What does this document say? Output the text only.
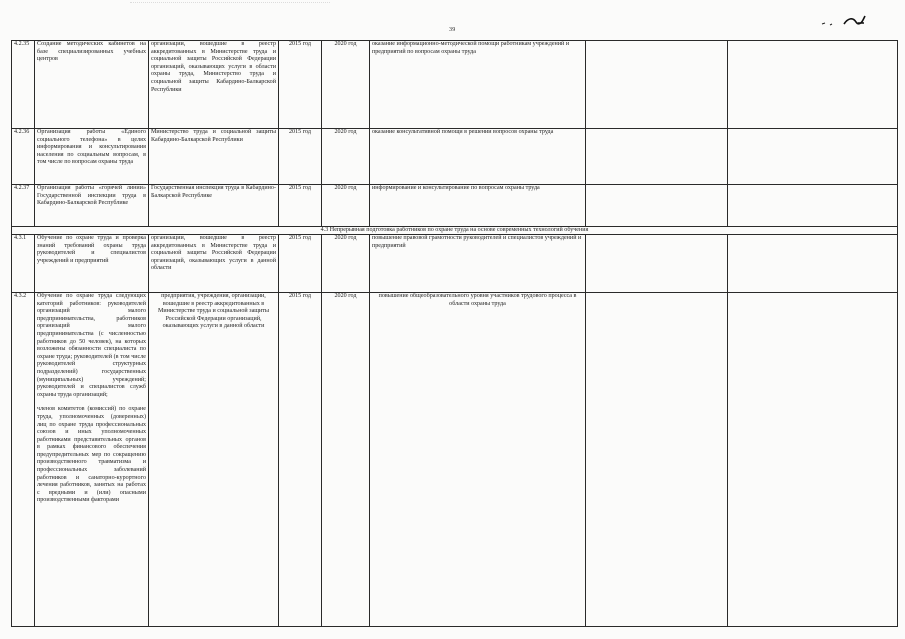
39
4.2.35	Создание методических кабинетов на базе специализированных учебных центров	организации, вошедшие в реестр аккредитованных в Министерстве труда и социальной защиты Российской Федерации организаций, оказывающих услуги в области охраны труда, Министерство труда и социальной защиты Кабардино-Балкарской Республики	2015 год	2020 год	оказание информационно-методической помощи работникам учреждений и предприятий по вопросам охраны труда		
4.2.36	Организация работы «Единого социального телефона» в целях информирования и консультирования населения по социальным вопросам, в том числе по вопросам охраны труда	Министерство труда и социальной защиты Кабардино-Балкарской Республики	2015 год	2020 год	оказание консультативной помощи в решении вопросов охраны труда		
4.2.37	Организация работы «горячей линии» Государственной инспекции труда в Кабардино-Балкарской Республике	Государственная инспекция труда в Кабардино-Балкарской Республике	2015 год	2020 год	информирование и консультирование по вопросам охраны труда		
4.3 Непрерывная подготовка работников по охране труда на основе современных технологий обучения							
4.3.1	Обучение по охране труда и проверка знаний требований охраны труда руководителей и специалистов учреждений и предприятий	организации, вошедшие в реестр аккредитованных в Министерстве труда и социальной защиты Российской Федерации организаций, оказывающих услуги в данной области	2015 год	2020 год	повышение правовой грамотности руководителей и специалистов учреждений и предприятий		
4.3.2	Обучение по охране труда следующих категорий работников: руководителей организаций малого предпринимательства, работников организаций малого предпринимательства (с численностью работников до 50 человек), на которых возложены обязанности специалиста по охране труда; руководителей (в том числе руководителей структурных подразделений) государственных (муниципальных) учреждений; руководителей и специалистов служб охраны труда организаций;
членов комитетов (комиссий) по охране труда, уполномоченных (доверенных) лиц по охране труда профессиональных союзов и иных уполномоченных работниками представительных органов в рамках финансового обеспечения предупредительных мер по сокращению производственного травматизма и профессиональных заболеваний работников и санаторно-курортного лечения работников, занятых на работах с вредными и (или) опасными производственными факторами	предприятия, учреждения, организации, вошедшие в реестр аккредитованных в Министерстве труда и социальной защиты Российской Федерации организаций, оказывающих услуги в данной области	2015 год	2020 год	повышение общеобразовательного уровня участников трудового процесса в области охраны труда		
